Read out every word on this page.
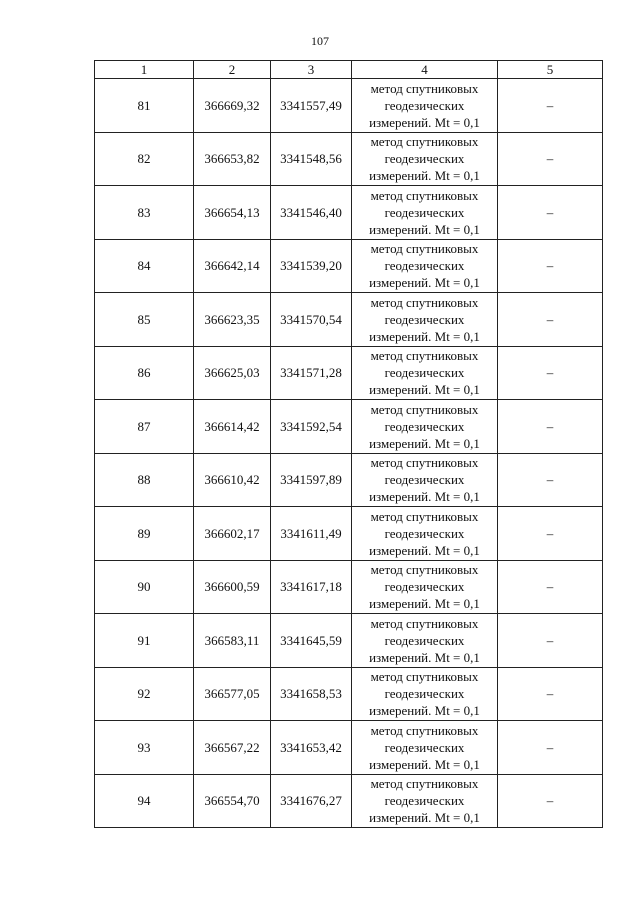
107
1	2	3	4	5
81	366669,32	3341557,49	метод спутниковых геодезических измерений. Mt = 0,1	–
82	366653,82	3341548,56	метод спутниковых геодезических измерений. Mt = 0,1	–
83	366654,13	3341546,40	метод спутниковых геодезических измерений. Mt = 0,1	–
84	366642,14	3341539,20	метод спутниковых геодезических измерений. Mt = 0,1	–
85	366623,35	3341570,54	метод спутниковых геодезических измерений. Mt = 0,1	–
86	366625,03	3341571,28	метод спутниковых геодезических измерений. Mt = 0,1	–
87	366614,42	3341592,54	метод спутниковых геодезических измерений. Mt = 0,1	–
88	366610,42	3341597,89	метод спутниковых геодезических измерений. Mt = 0,1	–
89	366602,17	3341611,49	метод спутниковых геодезических измерений. Mt = 0,1	–
90	366600,59	3341617,18	метод спутниковых геодезических измерений. Mt = 0,1	–
91	366583,11	3341645,59	метод спутниковых геодезических измерений. Mt = 0,1	–
92	366577,05	3341658,53	метод спутниковых геодезических измерений. Mt = 0,1	–
93	366567,22	3341653,42	метод спутниковых геодезических измерений. Mt = 0,1	–
94	366554,70	3341676,27	метод спутниковых геодезических измерений. Mt = 0,1	–
